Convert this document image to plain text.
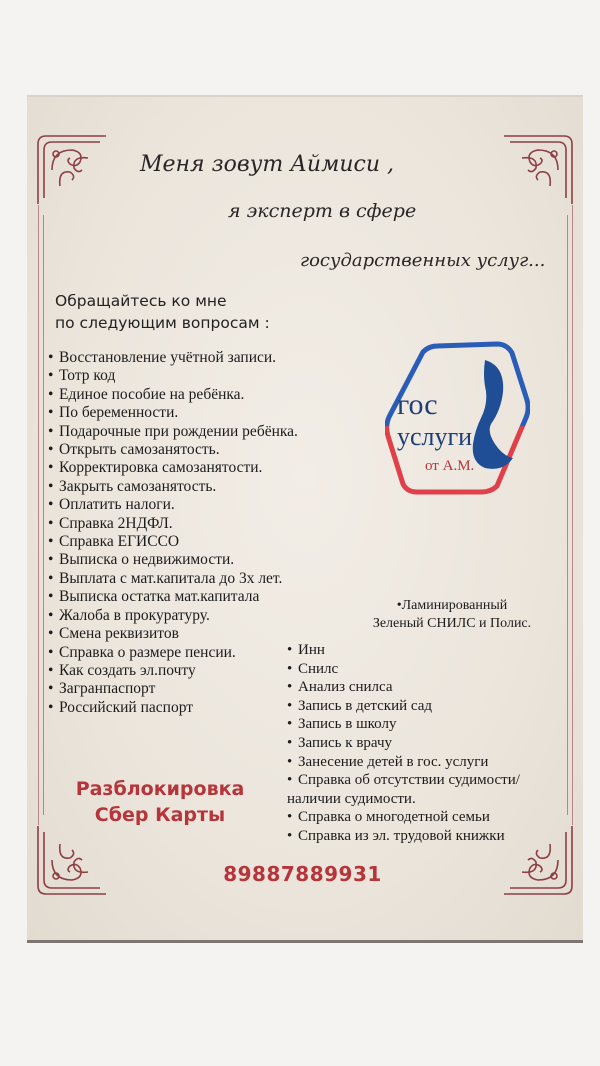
Меня зовут Аймиси ,
я эксперт в сфере
государственных услуг...
Обращайтесь ко мне
по следующим вопросам :
гос
услуги
от А.М.
• Восстановление учётной записи.
• Тотр код
• Единое пособие на ребёнка.
• По беременности.
• Подарочные при рождении ребёнка.
• Открыть самозанятость.
• Корректировка самозанятости.
• Закрыть самозанятость.
• Оплатить налоги.
• Справка 2НДФЛ.
• Справка ЕГИССО
• Выписка о недвижимости.
• Выплата с мат.капитала до 3х лет.
• Выписка остатка мат.капитала
• Жалоба в прокуратуру.
• Смена реквизитов
• Справка о размере пенсии.
• Как создать эл.почту
• Загранпаспорт
• Российский паспорт
•Ламинированный
Зеленый СНИЛС и Полис.
• Инн
• Снилс
• Анализ снилса
• Запись в детский сад
• Запись в школу
• Запись к врачу
• Занесение детей в гос. услуги
• Справка об отсутствии судимости/
наличии судимости.
• Справка о многодетной семьи
• Справка из эл. трудовой книжки
Разблокировка
Сбер Карты
89887889931
